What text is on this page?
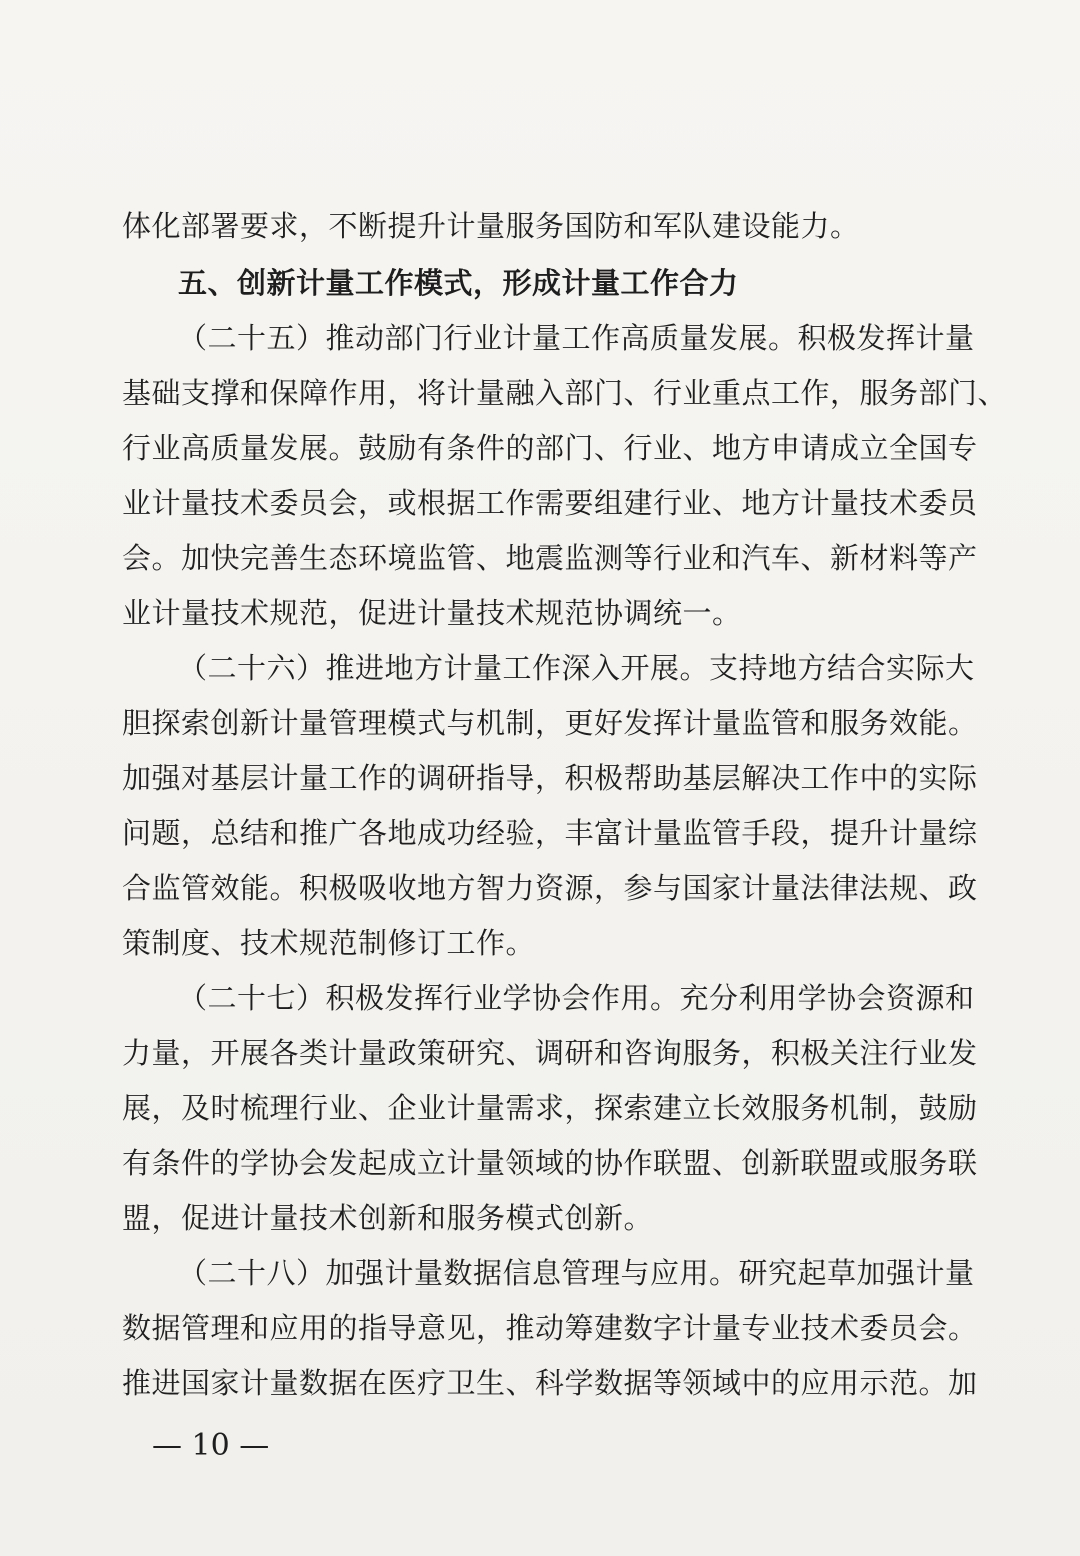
体化部署要求，不断提升计量服务国防和军队建设能力。
五、创新计量工作模式，形成计量工作合力
（二十五）推动部门行业计量工作高质量发展。积极发挥计量
基础支撑和保障作用，将计量融入部门、行业重点工作，服务部门、
行业高质量发展。鼓励有条件的部门、行业、地方申请成立全国专
业计量技术委员会，或根据工作需要组建行业、地方计量技术委员
会。加快完善生态环境监管、地震监测等行业和汽车、新材料等产
业计量技术规范，促进计量技术规范协调统一。
（二十六）推进地方计量工作深入开展。支持地方结合实际大
胆探索创新计量管理模式与机制，更好发挥计量监管和服务效能。
加强对基层计量工作的调研指导，积极帮助基层解决工作中的实际
问题，总结和推广各地成功经验，丰富计量监管手段，提升计量综
合监管效能。积极吸收地方智力资源，参与国家计量法律法规、政
策制度、技术规范制修订工作。
（二十七）积极发挥行业学协会作用。充分利用学协会资源和
力量，开展各类计量政策研究、调研和咨询服务，积极关注行业发
展，及时梳理行业、企业计量需求，探索建立长效服务机制，鼓励
有条件的学协会发起成立计量领域的协作联盟、创新联盟或服务联
盟，促进计量技术创新和服务模式创新。
（二十八）加强计量数据信息管理与应用。研究起草加强计量
数据管理和应用的指导意见，推动筹建数字计量专业技术委员会。
推进国家计量数据在医疗卫生、科学数据等领域中的应用示范。加
— 10 —
